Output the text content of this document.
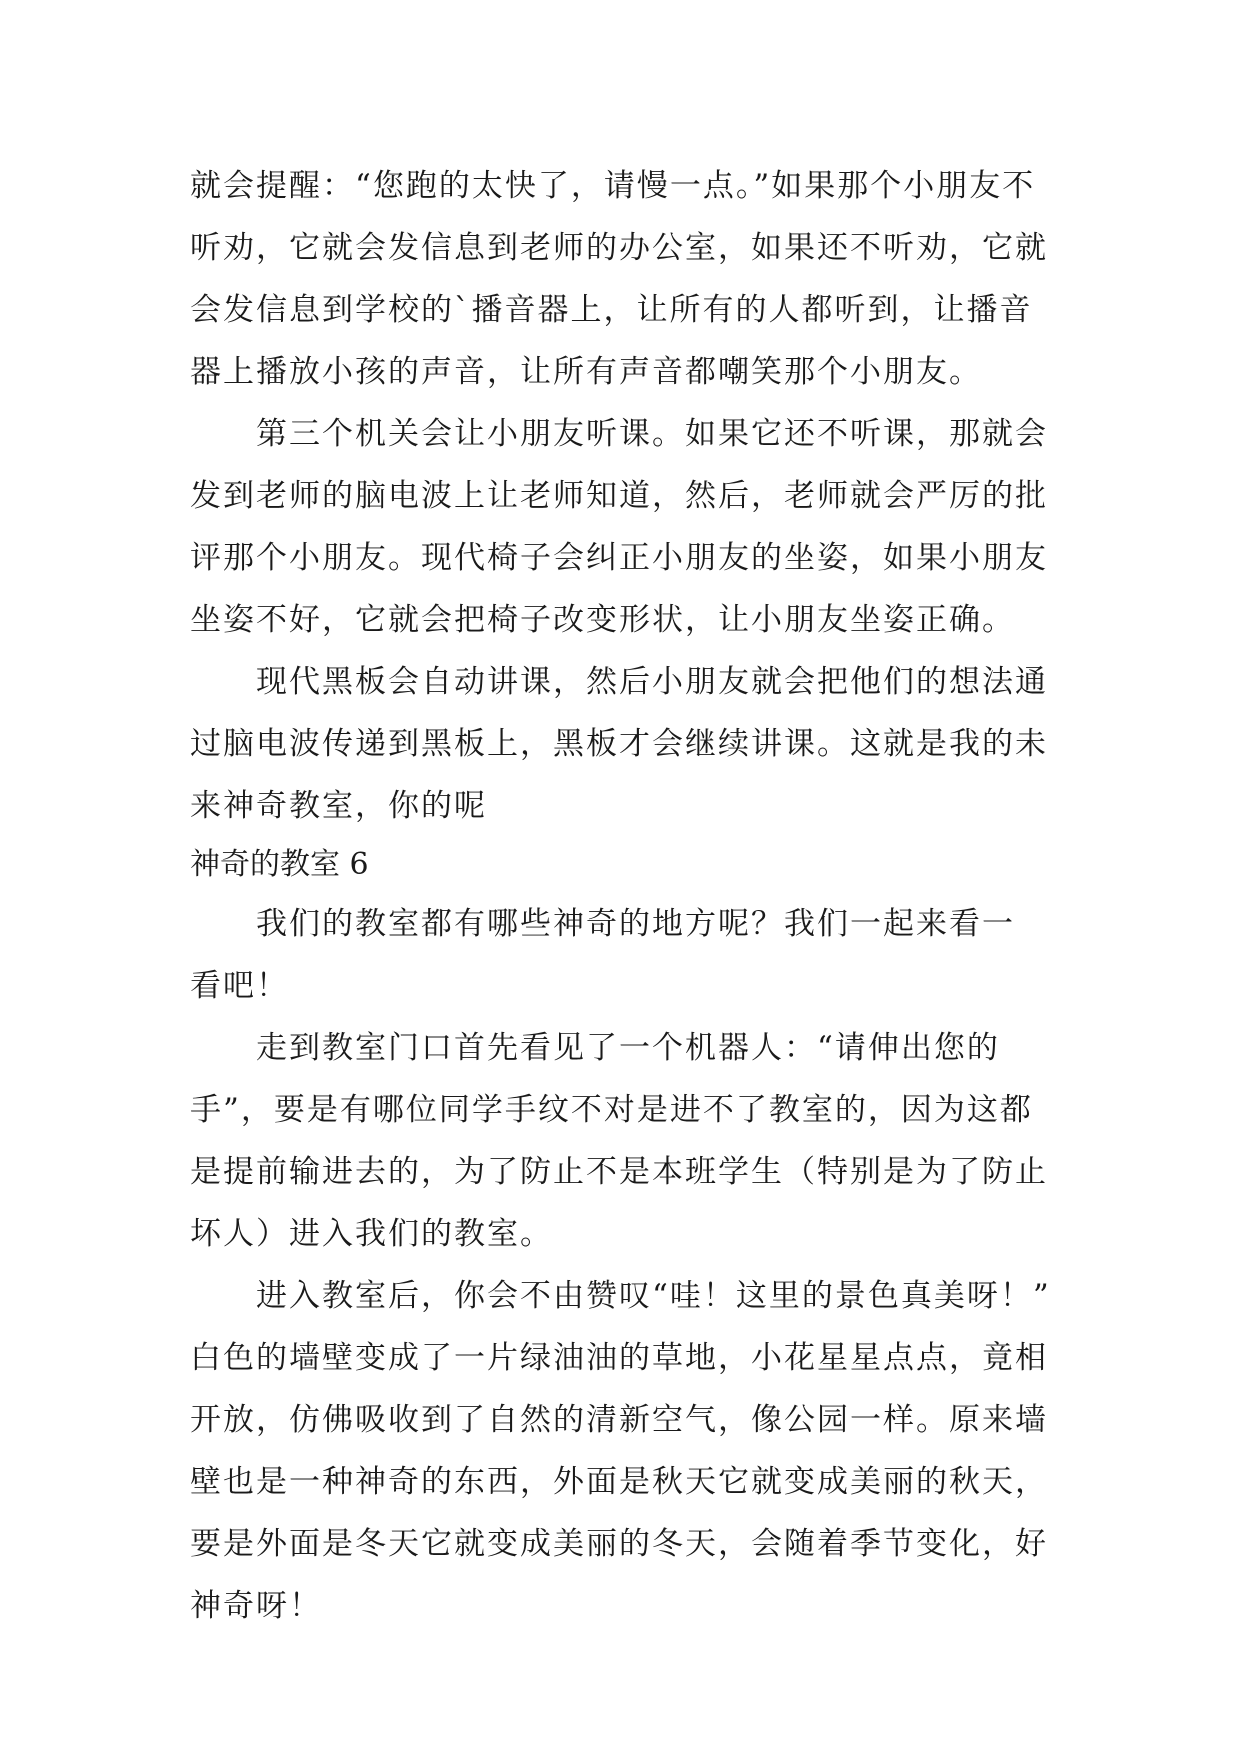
就会提醒：“您跑的太快了，请慢一点。”如果那个小朋友不
听劝，它就会发信息到老师的办公室，如果还不听劝，它就
会发信息到学校的`播音器上，让所有的人都听到，让播音
器上播放小孩的声音，让所有声音都嘲笑那个小朋友。
第三个机关会让小朋友听课。如果它还不听课，那就会
发到老师的脑电波上让老师知道，然后，老师就会严厉的批
评那个小朋友。现代椅子会纠正小朋友的坐姿，如果小朋友
坐姿不好，它就会把椅子改变形状，让小朋友坐姿正确。
现代黑板会自动讲课，然后小朋友就会把他们的想法通
过脑电波传递到黑板上，黑板才会继续讲课。这就是我的未
来神奇教室，你的呢
神奇的教室 6
我们的教室都有哪些神奇的地方呢？我们一起来看一
看吧！
走到教室门口首先看见了一个机器人：“请伸出您的
手”，要是有哪位同学手纹不对是进不了教室的，因为这都
是提前输进去的，为了防止不是本班学生（特别是为了防止
坏人）进入我们的教室。
进入教室后，你会不由赞叹“哇！这里的景色真美呀！”
白色的墙壁变成了一片绿油油的草地，小花星星点点，竟相
开放，仿佛吸收到了自然的清新空气，像公园一样。原来墙
壁也是一种神奇的东西，外面是秋天它就变成美丽的秋天，
要是外面是冬天它就变成美丽的冬天，会随着季节变化，好
神奇呀！
